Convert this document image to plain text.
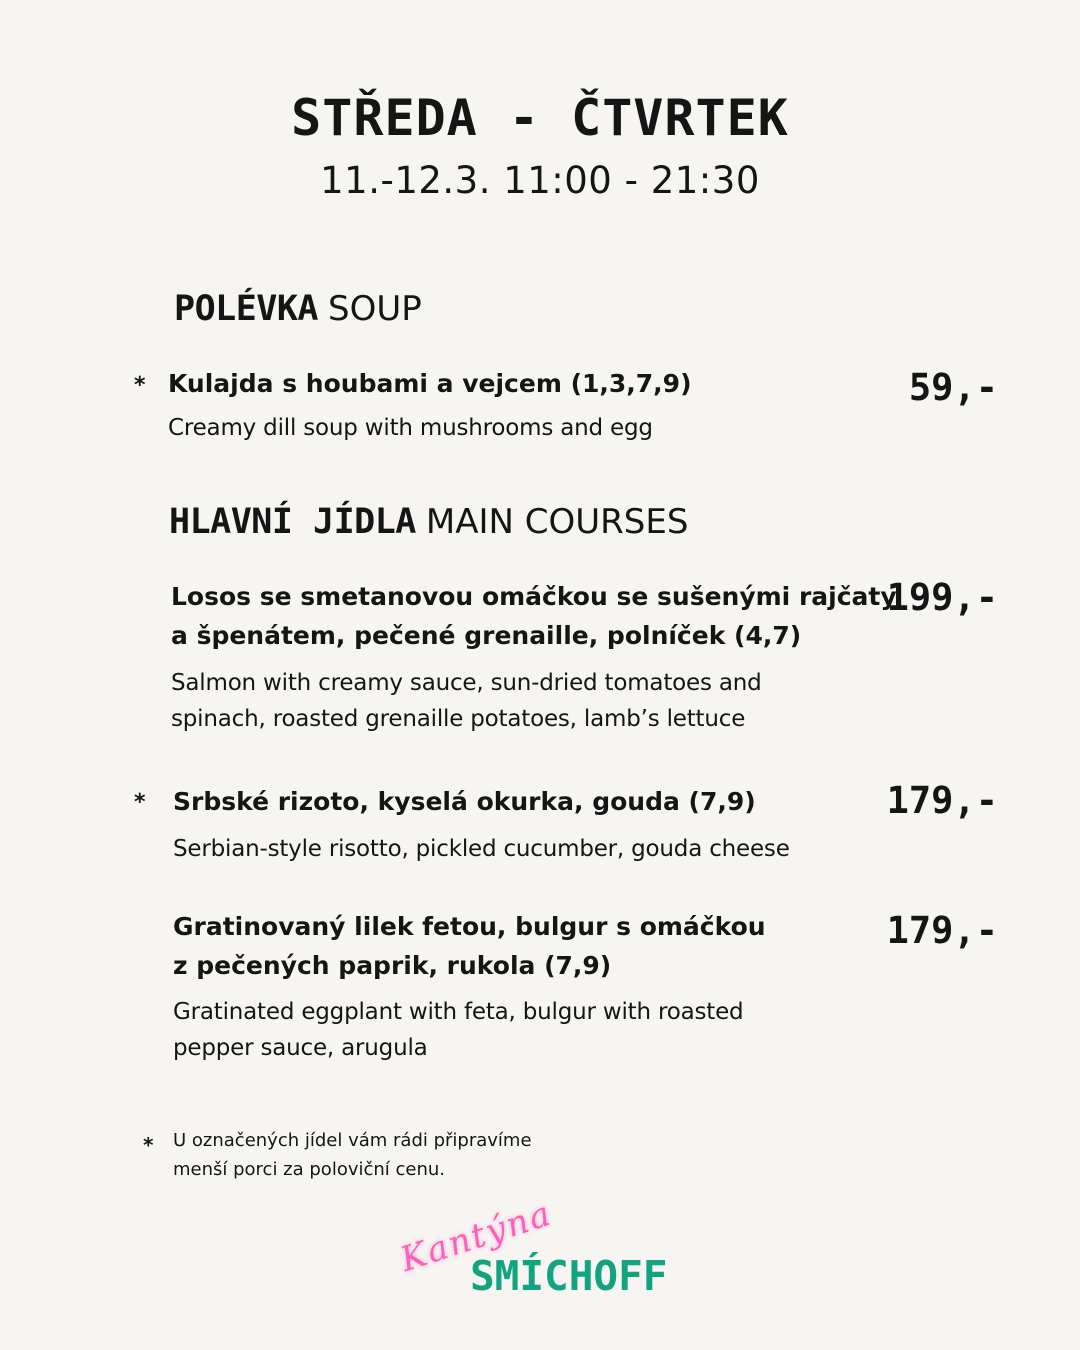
STŘEDA - ČTVRTEK
11.-12.3. 11:00 - 21:30
POLÉVKA SOUP
* Kulajda s houbami a vejcem (1,3,7,9)
Creamy dill soup with mushrooms and egg
59,-
HLAVNÍ JÍDLA MAIN COURSES
Losos se smetanovou omáčkou se sušenými rajčaty
a špenátem, pečené grenaille, polníček (4,7)
Salmon with creamy sauce, sun-dried tomatoes and
spinach, roasted grenaille potatoes, lamb’s lettuce
199,-
* Srbské rizoto, kyselá okurka, gouda (7,9)
Serbian-style risotto, pickled cucumber, gouda cheese
179,-
Gratinovaný lilek fetou, bulgur s omáčkou
z pečených paprik, rukola (7,9)
Gratinated eggplant with feta, bulgur with roasted
pepper sauce, arugula
179,-
* U označených jídel vám rádi připravíme
menší porci za poloviční cenu.
Kantýna
SMÍCHOFF
